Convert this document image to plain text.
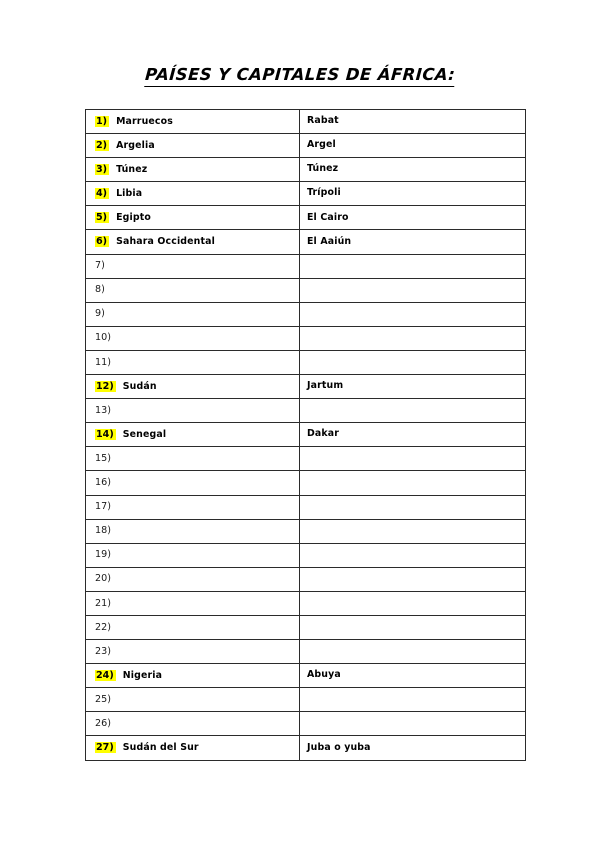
PAÍSES Y CAPITALES DE ÁFRICA:
1) Marruecos	Rabat
2) Argelia	Argel
3) Túnez	Túnez
4) Libia	Trípoli
5) Egipto	El Cairo
6) Sahara Occidental	El Aaiún
7)	
8)	
9)	
10)	
11)	
12) Sudán	Jartum
13)	
14) Senegal	Dakar
15)	
16)	
17)	
18)	
19)	
20)	
21)	
22)	
23)	
24) Nigeria	Abuya
25)	
26)	
27) Sudán del Sur	Juba o yuba
